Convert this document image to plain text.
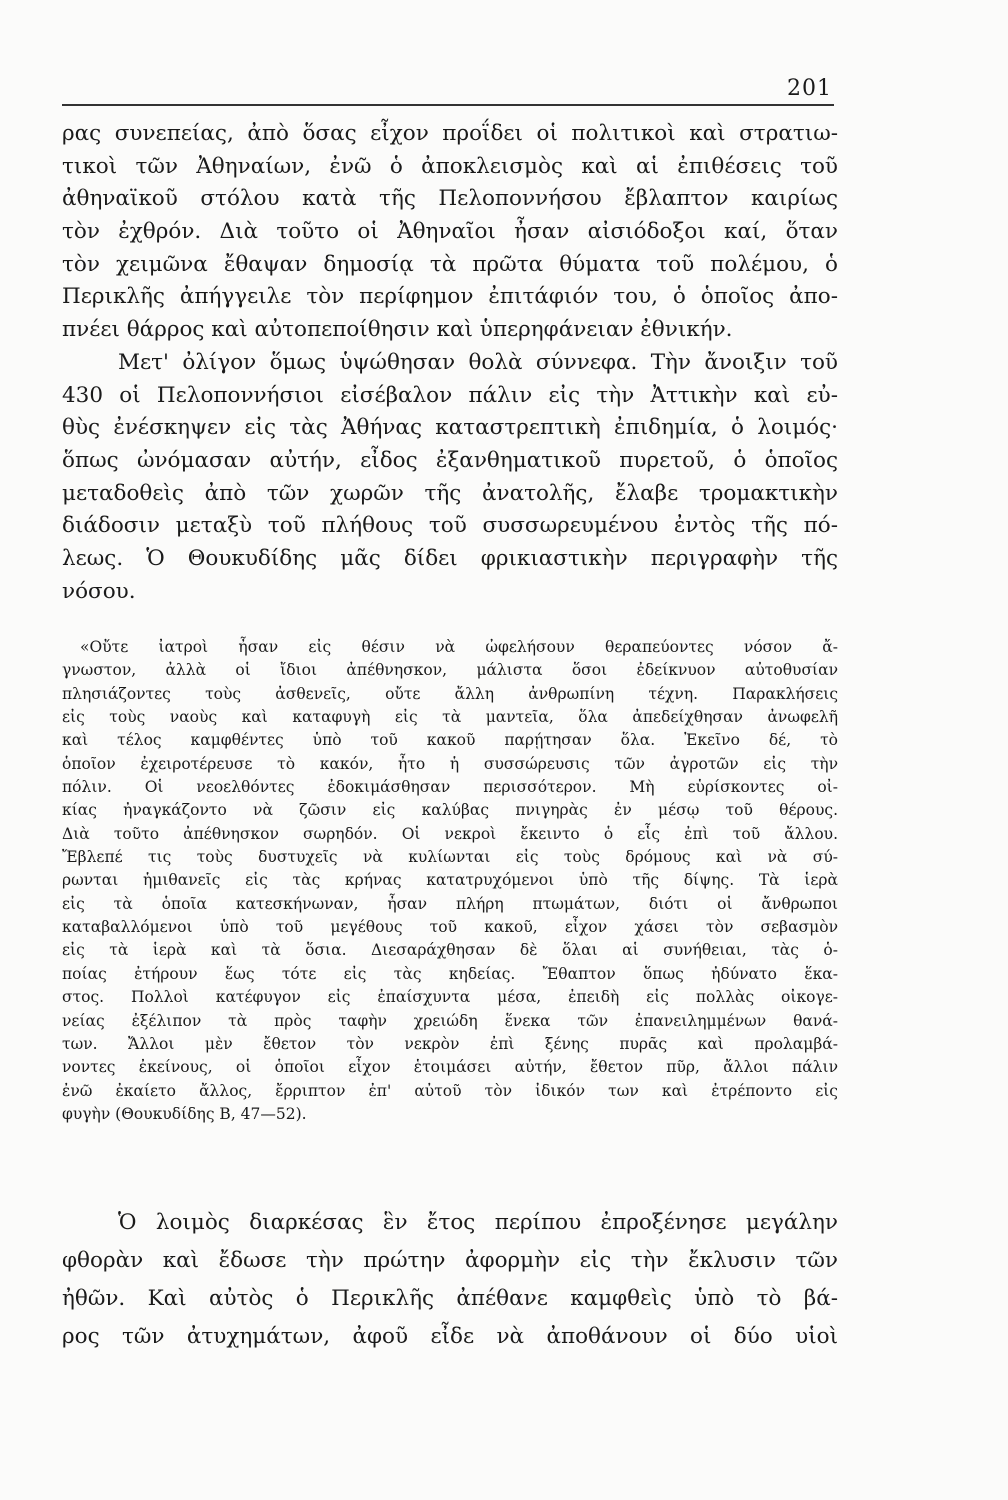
201
ρας συνεπείας, ἀπὸ ὅσας εἶχον προΐδει οἱ πολιτικοὶ καὶ στρατιω-
τικοὶ τῶν Ἀθηναίων, ἐνῶ ὁ ἀποκλεισμὸς καὶ αἱ ἐπιθέσεις τοῦ
ἀθηναϊκοῦ στόλου κατὰ τῆς Πελοποννήσου ἔβλαπτον καιρίως
τὸν ἐχθρόν. Διὰ τοῦτο οἱ Ἀθηναῖοι ἦσαν αἰσιόδοξοι καί, ὅταν
τὸν χειμῶνα ἔθαψαν δημοσίᾳ τὰ πρῶτα θύματα τοῦ πολέμου, ὁ
Περικλῆς ἀπήγγειλε τὸν περίφημον ἐπιτάφιόν του, ὁ ὁποῖος ἀπο-
πνέει θάρρος καὶ αὐτοπεποίθησιν καὶ ὑπερηφάνειαν ἐθνικήν.
Μετ' ὀλίγον ὅμως ὑψώθησαν θολὰ σύννεφα. Τὴν ἄνοιξιν τοῦ
430 οἱ Πελοποννήσιοι εἰσέβαλον πάλιν εἰς τὴν Ἀττικὴν καὶ εὐ-
θὺς ἐνέσκηψεν εἰς τὰς Ἀθήνας καταστρεπτικὴ ἐπιδημία, ὁ λοιμός·
ὅπως ὠνόμασαν αὐτήν, εἶδος ἐξανθηματικοῦ πυρετοῦ, ὁ ὁποῖος
μεταδοθεὶς ἀπὸ τῶν χωρῶν τῆς ἀνατολῆς, ἔλαβε τρομακτικὴν
διάδοσιν μεταξὺ τοῦ πλήθους τοῦ συσσωρευμένου ἐντὸς τῆς πό-
λεως. Ὁ Θουκυδίδης μᾶς δίδει φρικιαστικὴν περιγραφὴν τῆς
νόσου.
«Οὔτε ἰατροὶ ἦσαν εἰς θέσιν νὰ ὠφελήσουν θεραπεύοντες νόσον ἄ-
γνωστον, ἀλλὰ οἱ ἴδιοι ἀπέθνησκον, μάλιστα ὅσοι ἐδείκνυον αὐτοθυσίαν
πλησιάζοντες τοὺς ἀσθενεῖς, οὔτε ἄλλη ἀνθρωπίνη τέχνη. Παρακλήσεις
εἰς τοὺς ναοὺς καὶ καταφυγὴ εἰς τὰ μαντεῖα, ὅλα ἀπεδείχθησαν ἀνωφελῆ
καὶ τέλος καμφθέντες ὑπὸ τοῦ κακοῦ παρῄτησαν ὅλα. Ἐκεῖνο δέ, τὸ
ὁποῖον ἐχειροτέρευσε τὸ κακόν, ἦτο ἡ συσσώρευσις τῶν ἀγροτῶν εἰς τὴν
πόλιν. Οἱ νεοελθόντες ἐδοκιμάσθησαν περισσότερον. Μὴ εὑρίσκοντες οἰ-
κίας ἠναγκάζοντο νὰ ζῶσιν εἰς καλύβας πνιγηρὰς ἐν μέσῳ τοῦ θέρους.
Διὰ τοῦτο ἀπέθνησκον σωρηδόν. Οἱ νεκροὶ ἔκειντο ὁ εἷς ἐπὶ τοῦ ἄλλου.
Ἔβλεπέ τις τοὺς δυστυχεῖς νὰ κυλίωνται εἰς τοὺς δρόμους καὶ νὰ σύ-
ρωνται ἡμιθανεῖς εἰς τὰς κρήνας κατατρυχόμενοι ὑπὸ τῆς δίψης. Τὰ ἱερὰ
εἰς τὰ ὁποῖα κατεσκήνωναν, ἦσαν πλήρη πτωμάτων, διότι οἱ ἄνθρωποι
καταβαλλόμενοι ὑπὸ τοῦ μεγέθους τοῦ κακοῦ, εἶχον χάσει τὸν σεβασμὸν
εἰς τὰ ἱερὰ καὶ τὰ ὅσια. Διεσαράχθησαν δὲ ὅλαι αἱ συνήθειαι, τὰς ὁ-
ποίας ἐτήρουν ἕως τότε εἰς τὰς κηδείας. Ἔθαπτον ὅπως ἠδύνατο ἕκα-
στος. Πολλοὶ κατέφυγον εἰς ἐπαίσχυντα μέσα, ἐπειδὴ εἰς πολλὰς οἰκογε-
νείας ἐξέλιπον τὰ πρὸς ταφὴν χρειώδη ἕνεκα τῶν ἐπανειλημμένων θανά-
των. Ἄλλοι μὲν ἔθετον τὸν νεκρὸν ἐπὶ ξένης πυρᾶς καὶ προλαμβά-
νοντες ἐκείνους, οἱ ὁποῖοι εἶχον ἑτοιμάσει αὐτήν, ἔθετον πῦρ, ἄλλοι πάλιν
ἐνῶ ἐκαίετο ἄλλος, ἔρριπτον ἐπ' αὐτοῦ τὸν ἰδικόν των καὶ ἐτρέποντο εἰς
φυγὴν (Θουκυδίδης Β, 47—52).
Ὁ λοιμὸς διαρκέσας ἓν ἔτος περίπου ἐπροξένησε μεγάλην
φθορὰν καὶ ἔδωσε τὴν πρώτην ἀφορμὴν εἰς τὴν ἔκλυσιν τῶν
ἠθῶν. Καὶ αὐτὸς ὁ Περικλῆς ἀπέθανε καμφθεὶς ὑπὸ τὸ βά-
ρος τῶν ἀτυχημάτων, ἀφοῦ εἶδε νὰ ἀποθάνουν οἱ δύο υἱοὶ
